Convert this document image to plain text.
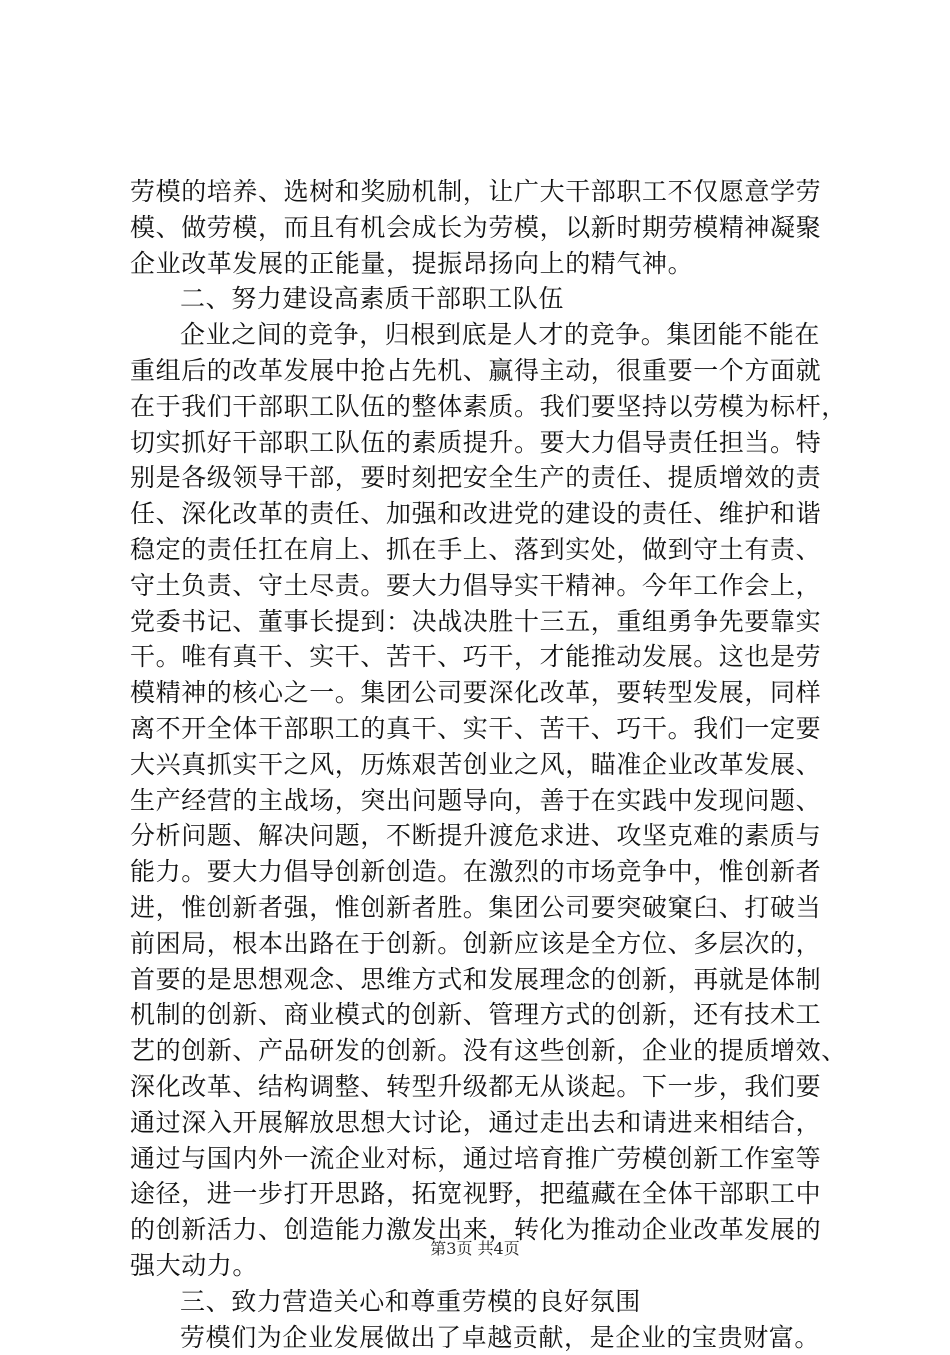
劳模的培养、选树和奖励机制，让广大干部职工不仅愿意学劳
模、做劳模，而且有机会成长为劳模，以新时期劳模精神凝聚
企业改革发展的正能量，提振昂扬向上的精气神。
二、努力建设高素质干部职工队伍
企业之间的竞争，归根到底是人才的竞争。集团能不能在
重组后的改革发展中抢占先机、赢得主动，很重要一个方面就
在于我们干部职工队伍的整体素质。我们要坚持以劳模为标杆，
切实抓好干部职工队伍的素质提升。要大力倡导责任担当。特
别是各级领导干部，要时刻把安全生产的责任、提质增效的责
任、深化改革的责任、加强和改进党的建设的责任、维护和谐
稳定的责任扛在肩上、抓在手上、落到实处，做到守土有责、
守土负责、守土尽责。要大力倡导实干精神。今年工作会上，
党委书记、董事长提到：决战决胜十三五，重组勇争先要靠实
干。唯有真干、实干、苦干、巧干，才能推动发展。这也是劳
模精神的核心之一。集团公司要深化改革，要转型发展，同样
离不开全体干部职工的真干、实干、苦干、巧干。我们一定要
大兴真抓实干之风，历炼艰苦创业之风，瞄准企业改革发展、
生产经营的主战场，突出问题导向，善于在实践中发现问题、
分析问题、解决问题，不断提升渡危求进、攻坚克难的素质与
能力。要大力倡导创新创造。在激烈的市场竞争中，惟创新者
进，惟创新者强，惟创新者胜。集团公司要突破窠臼、打破当
前困局，根本出路在于创新。创新应该是全方位、多层次的，
首要的是思想观念、思维方式和发展理念的创新，再就是体制
机制的创新、商业模式的创新、管理方式的创新，还有技术工
艺的创新、产品研发的创新。没有这些创新，企业的提质增效、
深化改革、结构调整、转型升级都无从谈起。下一步，我们要
通过深入开展解放思想大讨论，通过走出去和请进来相结合，
通过与国内外一流企业对标，通过培育推广劳模创新工作室等
途径，进一步打开思路，拓宽视野，把蕴藏在全体干部职工中
的创新活力、创造能力激发出来，转化为推动企业改革发展的
强大动力。
三、致力营造关心和尊重劳模的良好氛围
劳模们为企业发展做出了卓越贡献，是企业的宝贵财富。
第3页 共4页
